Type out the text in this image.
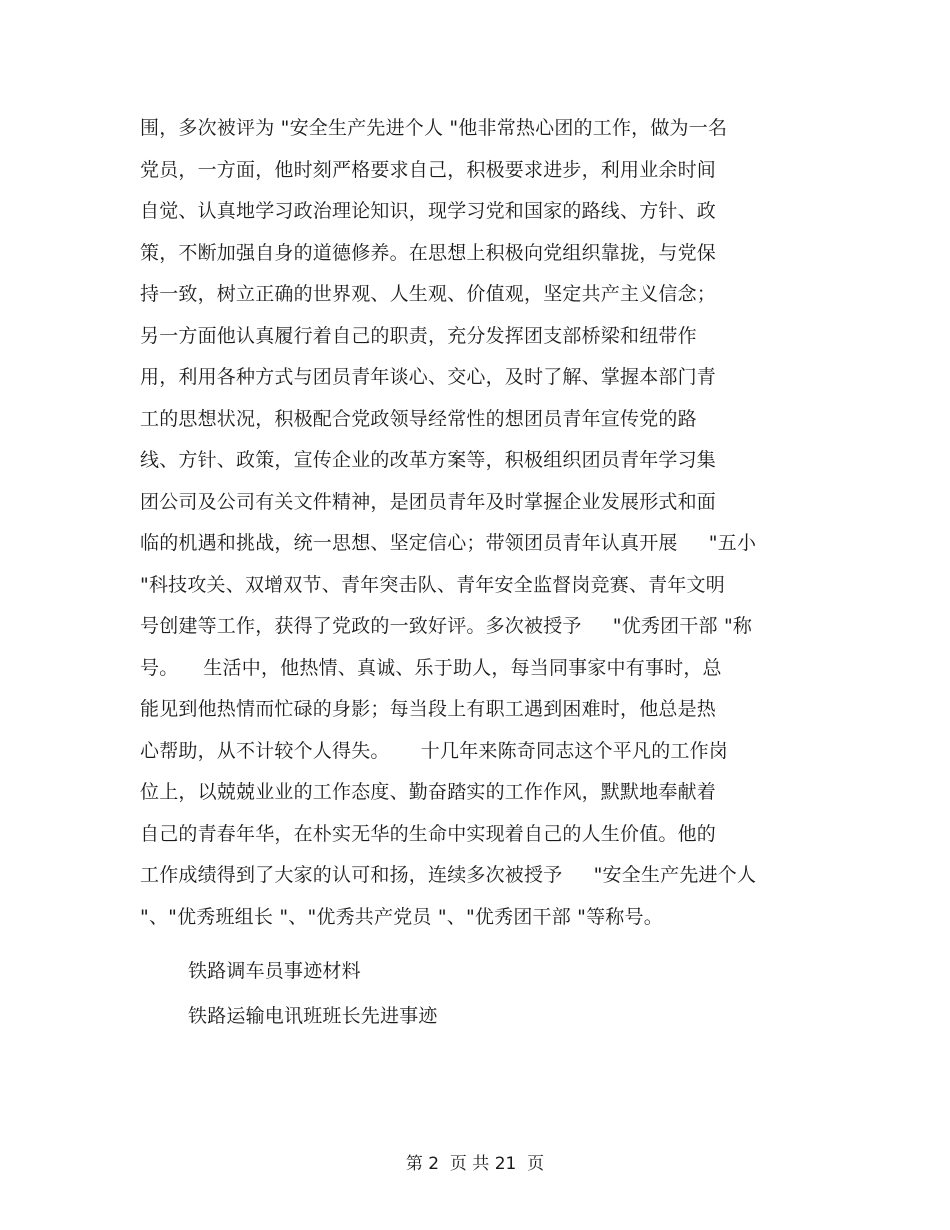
围，多次被评为 "安全生产先进个人 "他非常热心团的工作，做为一名
党员，一方面，他时刻严格要求自己，积极要求进步，利用业余时间
自觉、认真地学习政治理论知识，现学习党和国家的路线、方针、政
策，不断加强自身的道德修养。在思想上积极向党组织靠拢，与党保
持一致，树立正确的世界观、人生观、价值观，坚定共产主义信念；
另一方面他认真履行着自己的职责，充分发挥团支部桥梁和纽带作
用，利用各种方式与团员青年谈心、交心，及时了解、掌握本部门青
工的思想状况，积极配合党政领导经常性的想团员青年宣传党的路
线、方针、政策，宣传企业的改革方案等，积极组织团员青年学习集
团公司及公司有关文件精神，是团员青年及时掌握企业发展形式和面
临的机遇和挑战，统一思想、坚定信心；带领团员青年认真开展     "五小
"科技攻关、双增双节、青年突击队、青年安全监督岗竞赛、青年文明
号创建等工作，获得了党政的一致好评。多次被授予     "优秀团干部 "称
号。    生活中，他热情、真诚、乐于助人，每当同事家中有事时，总
能见到他热情而忙碌的身影；每当段上有职工遇到困难时，他总是热
心帮助，从不计较个人得失。     十几年来陈奇同志这个平凡的工作岗
位上，以兢兢业业的工作态度、勤奋踏实的工作作风，默默地奉献着
自己的青春年华，在朴实无华的生命中实现着自己的人生价值。他的
工作成绩得到了大家的认可和扬，连续多次被授予     "安全生产先进个人
"、"优秀班组长 "、"优秀共产党员 "、"优秀团干部 "等称号。
铁路调车员事迹材料
铁路运输电讯班班长先进事迹
第 2  页 共 21  页
